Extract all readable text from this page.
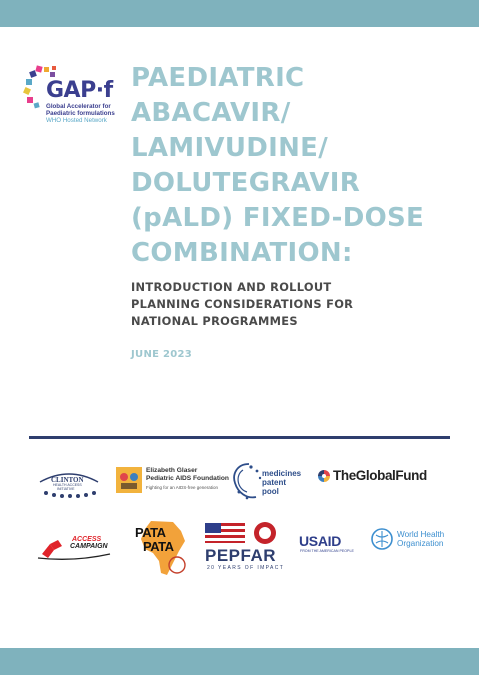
GAP·f
Global Accelerator for
Paediatric formulations
WHO Hosted Network
PAEDIATRIC
ABACAVIR/
LAMIVUDINE/
DOLUTEGRAVIR
(pALD) FIXED-DOSE
COMBINATION:
INTRODUCTION AND ROLLOUT
PLANNING CONSIDERATIONS FOR
NATIONAL PROGRAMMES
JUNE 2023
CLINTON
HEALTH ACCESS
INITIATIVE
Elizabeth Glaser
Pediatric AIDS Foundation
Fighting for an AIDS-free generation
medicines
patent
pool
TheGlobalFund
ACCESS
CAMPAIGN
PATA
PATA PEPFAR
20 YEARS OF IMPACT
USAID
FROM THE AMERICAN PEOPLE
World Health
Organization
